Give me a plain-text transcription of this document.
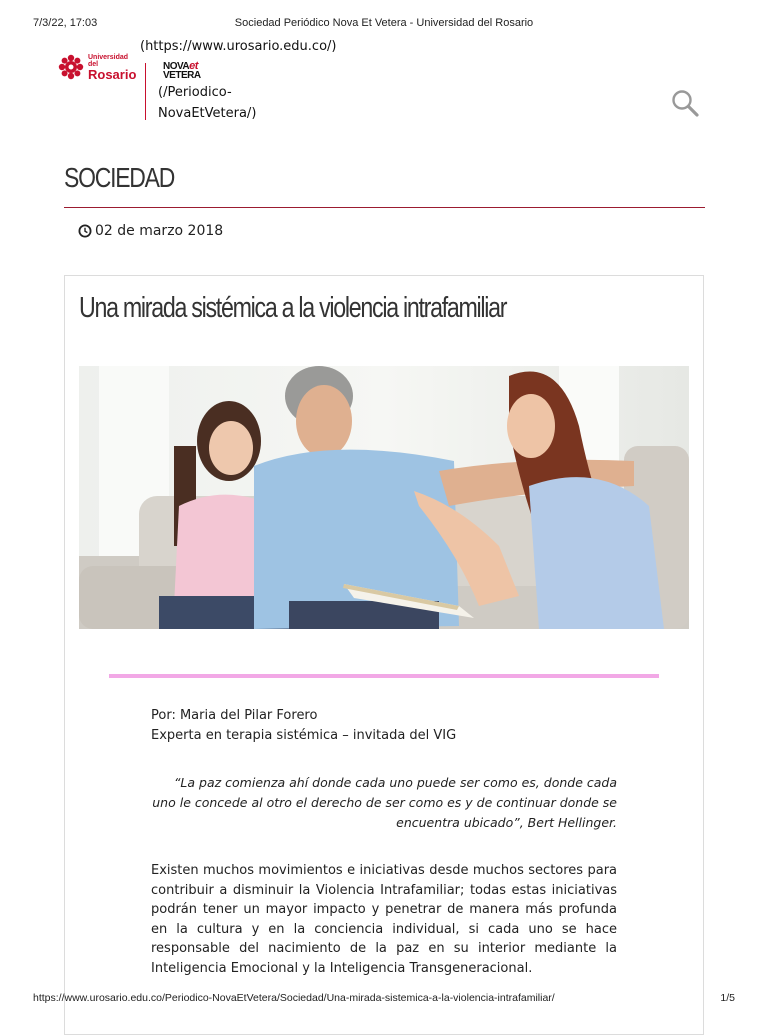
7/3/22, 17:03	Sociedad Periódico Nova Et Vetera - Universidad del Rosario
(https://www.urosario.edu.co/)
Universidad del
Rosario	NOVAet
VETERA
(/Periodico-NovaEtVetera/)
SOCIEDAD
02 de marzo 2018
Una mirada sistémica a la violencia intrafamiliar
Por: Maria del Pilar Forero
Experta en terapia sistémica – invitada del VIG
“La paz comienza ahí donde cada uno puede ser como es, donde cada uno le concede al otro el derecho de ser como es y de continuar donde se encuentra ubicado”, Bert Hellinger.
Existen muchos movimientos e iniciativas desde muchos sectores para contribuir a disminuir la Violencia Intrafamiliar; todas estas iniciativas podrán tener un mayor impacto y penetrar de manera más profunda en la cultura y en la conciencia individual, si cada uno se hace responsable del nacimiento de la paz en su interior mediante la Inteligencia Emocional y la Inteligencia Transgeneracional.
https://www.urosario.edu.co/Periodico-NovaEtVetera/Sociedad/Una-mirada-sistemica-a-la-violencia-intrafamiliar/	1/5
